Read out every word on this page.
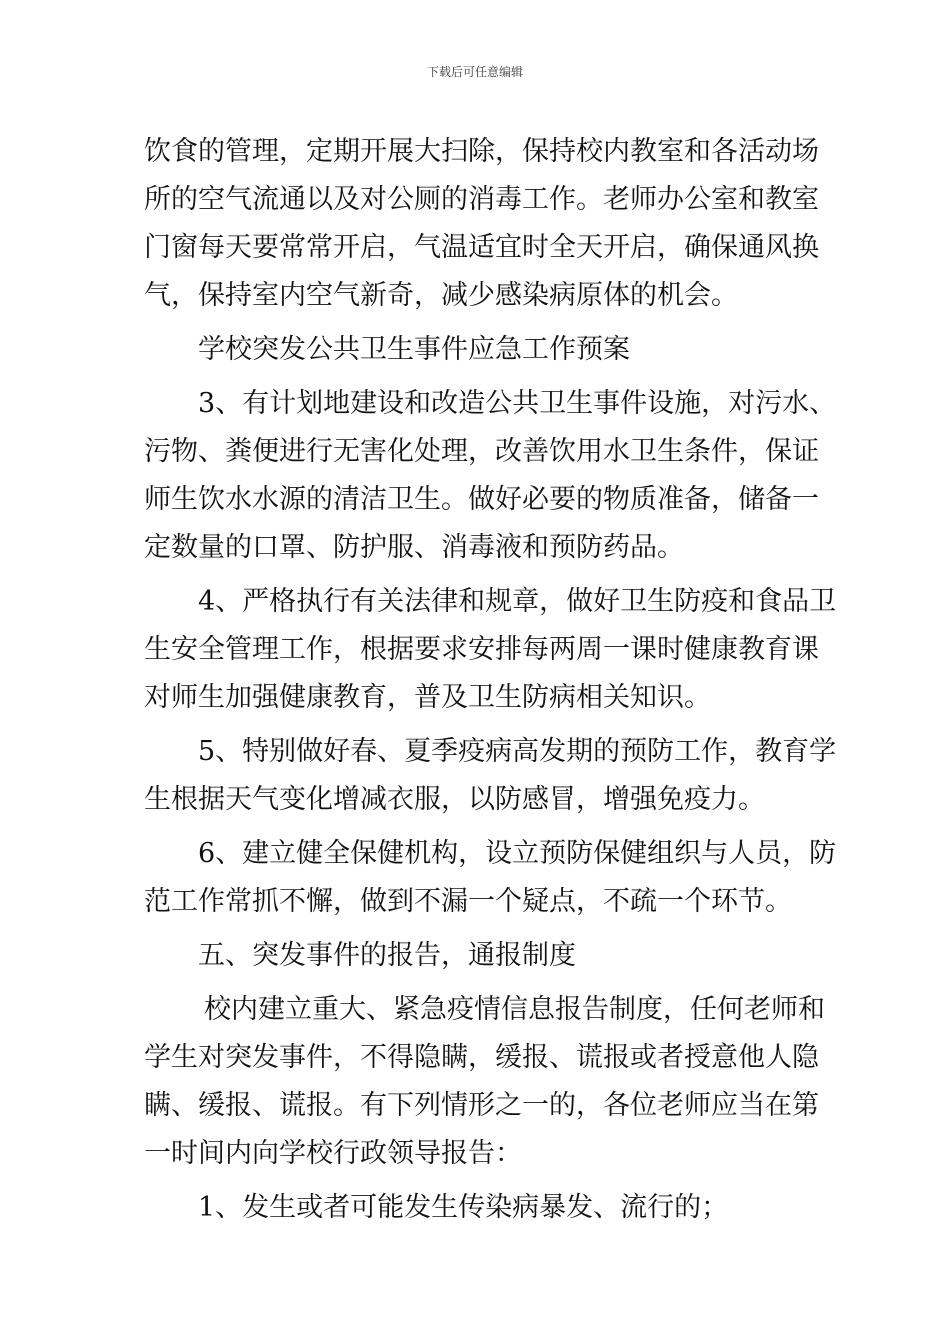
下载后可任意编辑
饮食的管理，定期开展大扫除，保持校内教室和各活动场
所的空气流通以及对公厕的消毒工作。老师办公室和教室
门窗每天要常常开启，气温适宜时全天开启，确保通风换
气，保持室内空气新奇，减少感染病原体的机会。
学校突发公共卫生事件应急工作预案
3、有计划地建设和改造公共卫生事件设施，对污水、
污物、粪便进行无害化处理，改善饮用水卫生条件，保证
师生饮水水源的清洁卫生。做好必要的物质准备，储备一
定数量的口罩、防护服、消毒液和预防药品。
4、严格执行有关法律和规章，做好卫生防疫和食品卫
生安全管理工作，根据要求安排每两周一课时健康教育课
对师生加强健康教育，普及卫生防病相关知识。
5、特别做好春、夏季疫病高发期的预防工作，教育学
生根据天气变化增减衣服，以防感冒，增强免疫力。
6、建立健全保健机构，设立预防保健组织与人员，防
范工作常抓不懈，做到不漏一个疑点，不疏一个环节。
五、突发事件的报告，通报制度
校内建立重大、紧急疫情信息报告制度，任何老师和
学生对突发事件，不得隐瞒，缓报、谎报或者授意他人隐
瞒、缓报、谎报。有下列情形之一的，各位老师应当在第
一时间内向学校行政领导报告：
1、发生或者可能发生传染病暴发、流行的；
